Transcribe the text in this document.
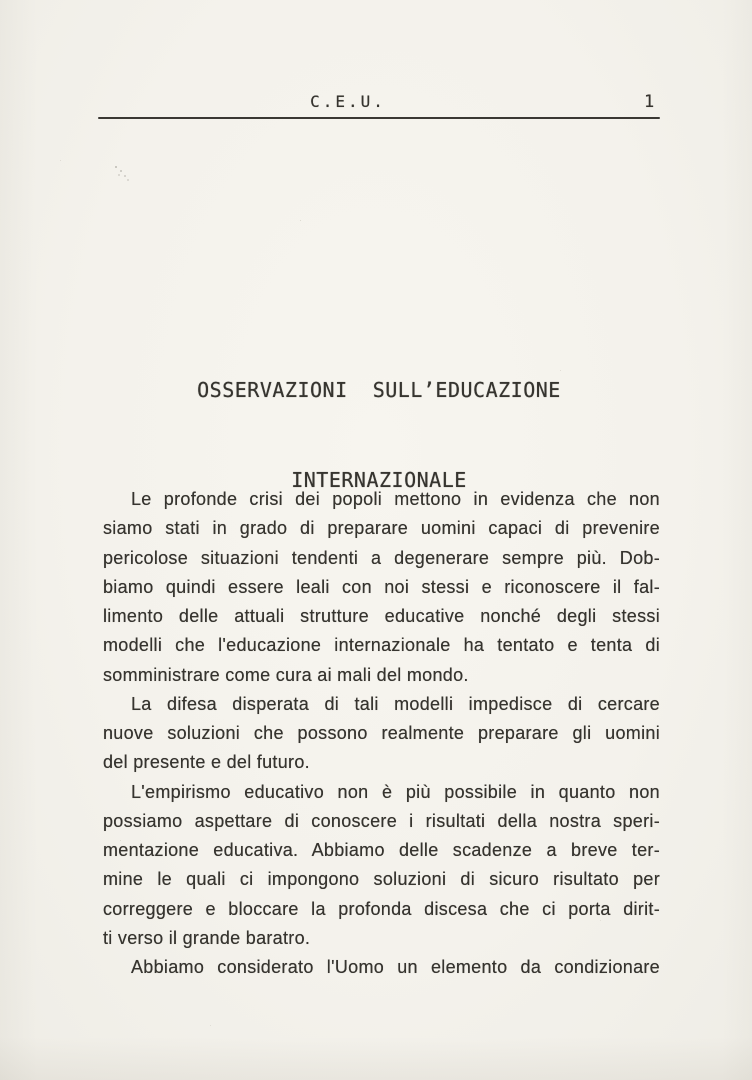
C.E.U.	1

OSSERVAZIONI  SULL’EDUCAZIONE

INTERNAZIONALE

Le profonde crisi dei popoli mettono in evidenza che non
siamo stati in grado di preparare uomini capaci di prevenire
pericolose situazioni tendenti a degenerare sempre più. Dob-
biamo quindi essere leali con noi stessi e riconoscere il fal-
limento delle attuali strutture educative nonché degli stessi
modelli che l'educazione internazionale ha tentato e tenta di
somministrare come cura ai mali del mondo.
La difesa disperata di tali modelli impedisce di cercare
nuove soluzioni che possono realmente preparare gli uomini
del presente e del futuro.
L'empirismo educativo non è più possibile in quanto non
possiamo aspettare di conoscere i risultati della nostra speri-
mentazione educativa. Abbiamo delle scadenze a breve ter-
mine le quali ci impongono soluzioni di sicuro risultato per
correggere e bloccare la profonda discesa che ci porta dirit-
ti verso il grande baratro.
Abbiamo considerato l'Uomo un elemento da condizionare
